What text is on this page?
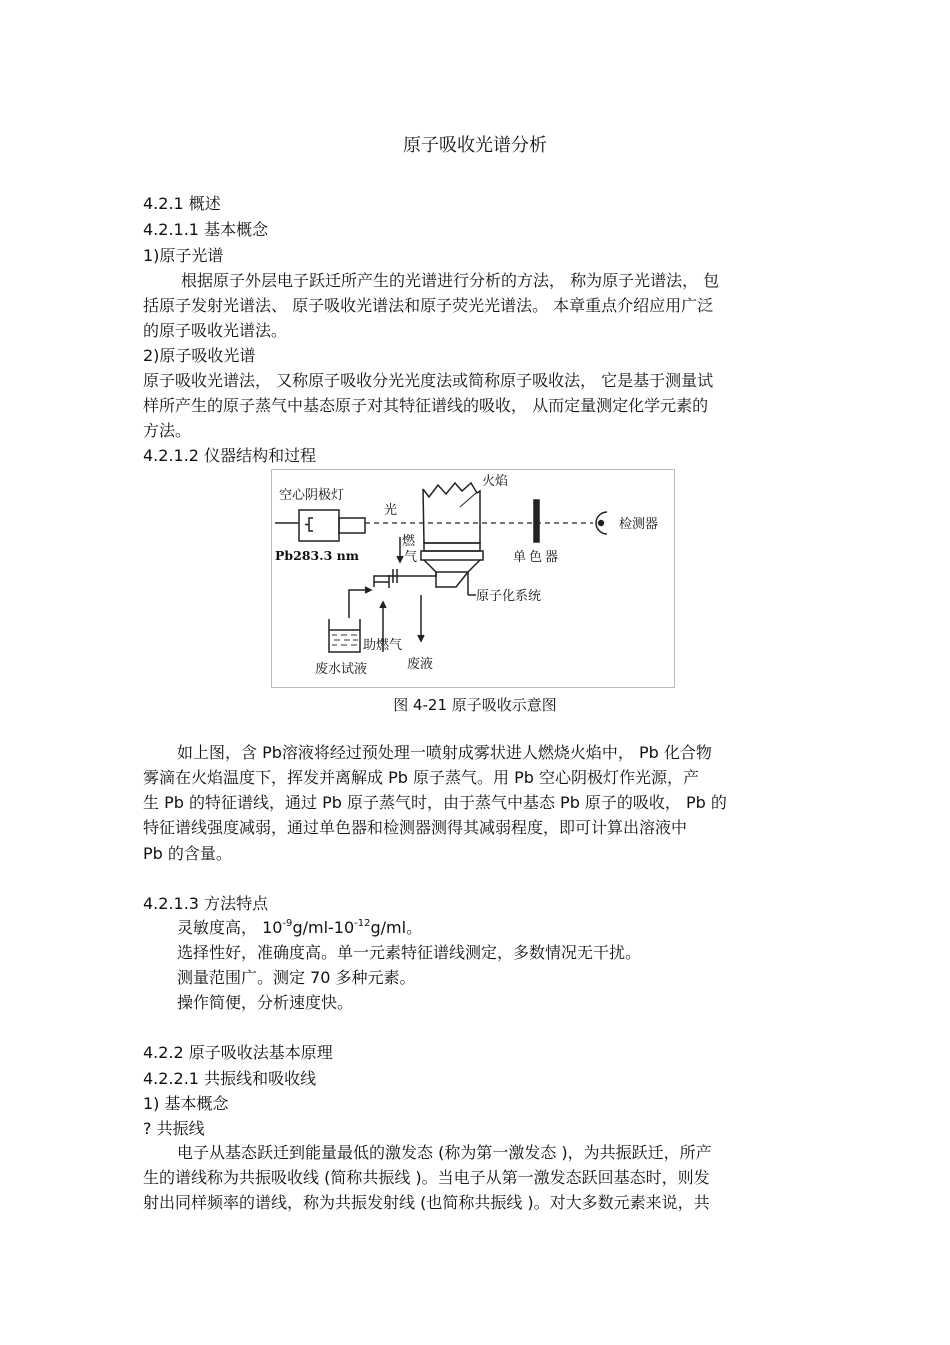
原子吸收光谱分析
4.2.1 概述
4.2.1.1 基本概念
1)原子光谱
根据原子外层电子跃迁所产生的光谱进行分析的方法， 称为原子光谱法， 包
括原子发射光谱法、 原子吸收光谱法和原子荧光光谱法。 本章重点介绍应用广泛
的原子吸收光谱法。
2)原子吸收光谱
原子吸收光谱法， 又称原子吸收分光光度法或简称原子吸收法， 它是基于测量试
样所产生的原子蒸气中基态原子对其特征谱线的吸收， 从而定量测定化学元素的
方法。
4.2.1.2 仪器结构和过程
空心阴极灯
Pb283.3 nm
光
火焰
检测器
单色器
燃
气
原子化系统
助燃气
废水试液	废液
图 4-21 原子吸收示意图
如上图，含 Pb溶液将经过预处理一喷射成雾状进人燃烧火焰中， Pb 化合物
雾滴在火焰温度下，挥发并离解成 Pb 原子蒸气。用 Pb 空心阴极灯作光源，产
生 Pb 的特征谱线，通过 Pb 原子蒸气时，由于蒸气中基态 Pb 原子的吸收， Pb 的
特征谱线强度减弱，通过单色器和检测器测得其减弱程度，即可计算出溶液中
Pb 的含量。
4.2.1.3 方法特点
灵敏度高， $10^{-9}g/ml-10^{-12}g/ml$。
选择性好，准确度高。单一元素特征谱线测定，多数情况无干扰。
测量范围广。测定 70 多种元素。
操作简便，分析速度快。
4.2.2 原子吸收法基本原理
4.2.2.1 共振线和吸收线
1) 基本概念
? 共振线
电子从基态跃迁到能量最低的激发态 (称为第一激发态 )，为共振跃迁，所产
生的谱线称为共振吸收线 (简称共振线 )。当电子从第一激发态跃回基态时，则发
射出同样频率的谱线，称为共振发射线 (也简称共振线 )。对大多数元素来说，共
